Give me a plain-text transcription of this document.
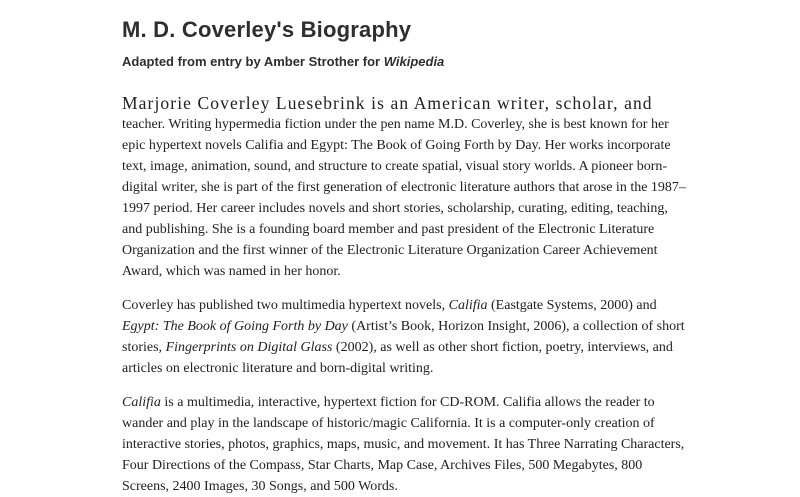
M. D. Coverley's Biography

Adapted from entry by Amber Strother for Wikipedia

Marjorie Coverley Luesebrink is an American writer, scholar, and
teacher. Writing hypermedia fiction under the pen name M.D. Coverley, she is best known for her epic hypertext novels Califia and Egypt: The Book of Going Forth by Day. Her works incorporate text, image, animation, sound, and structure to create spatial, visual story worlds. A pioneer born-digital writer, she is part of the first generation of electronic literature authors that arose in the 1987–1997 period. Her career includes novels and short stories, scholarship, curating, editing, teaching, and publishing. She is a founding board member and past president of the Electronic Literature Organization and the first winner of the Electronic Literature Organization Career Achievement Award, which was named in her honor.

Coverley has published two multimedia hypertext novels, Califia (Eastgate Systems, 2000) and Egypt: The Book of Going Forth by Day (Artist’s Book, Horizon Insight, 2006), a collection of short stories, Fingerprints on Digital Glass (2002), as well as other short fiction, poetry, interviews, and articles on electronic literature and born-digital writing.

Califia is a multimedia, interactive, hypertext fiction for CD-ROM. Califia allows the reader to wander and play in the landscape of historic/magic California. It is a computer-only creation of interactive stories, photos, graphics, maps, music, and movement. It has Three Narrating Characters, Four Directions of the Compass, Star Charts, Map Case, Archives Files, 500 Megabytes, 800 Screens, 2400 Images, 30 Songs, and 500 Words.
